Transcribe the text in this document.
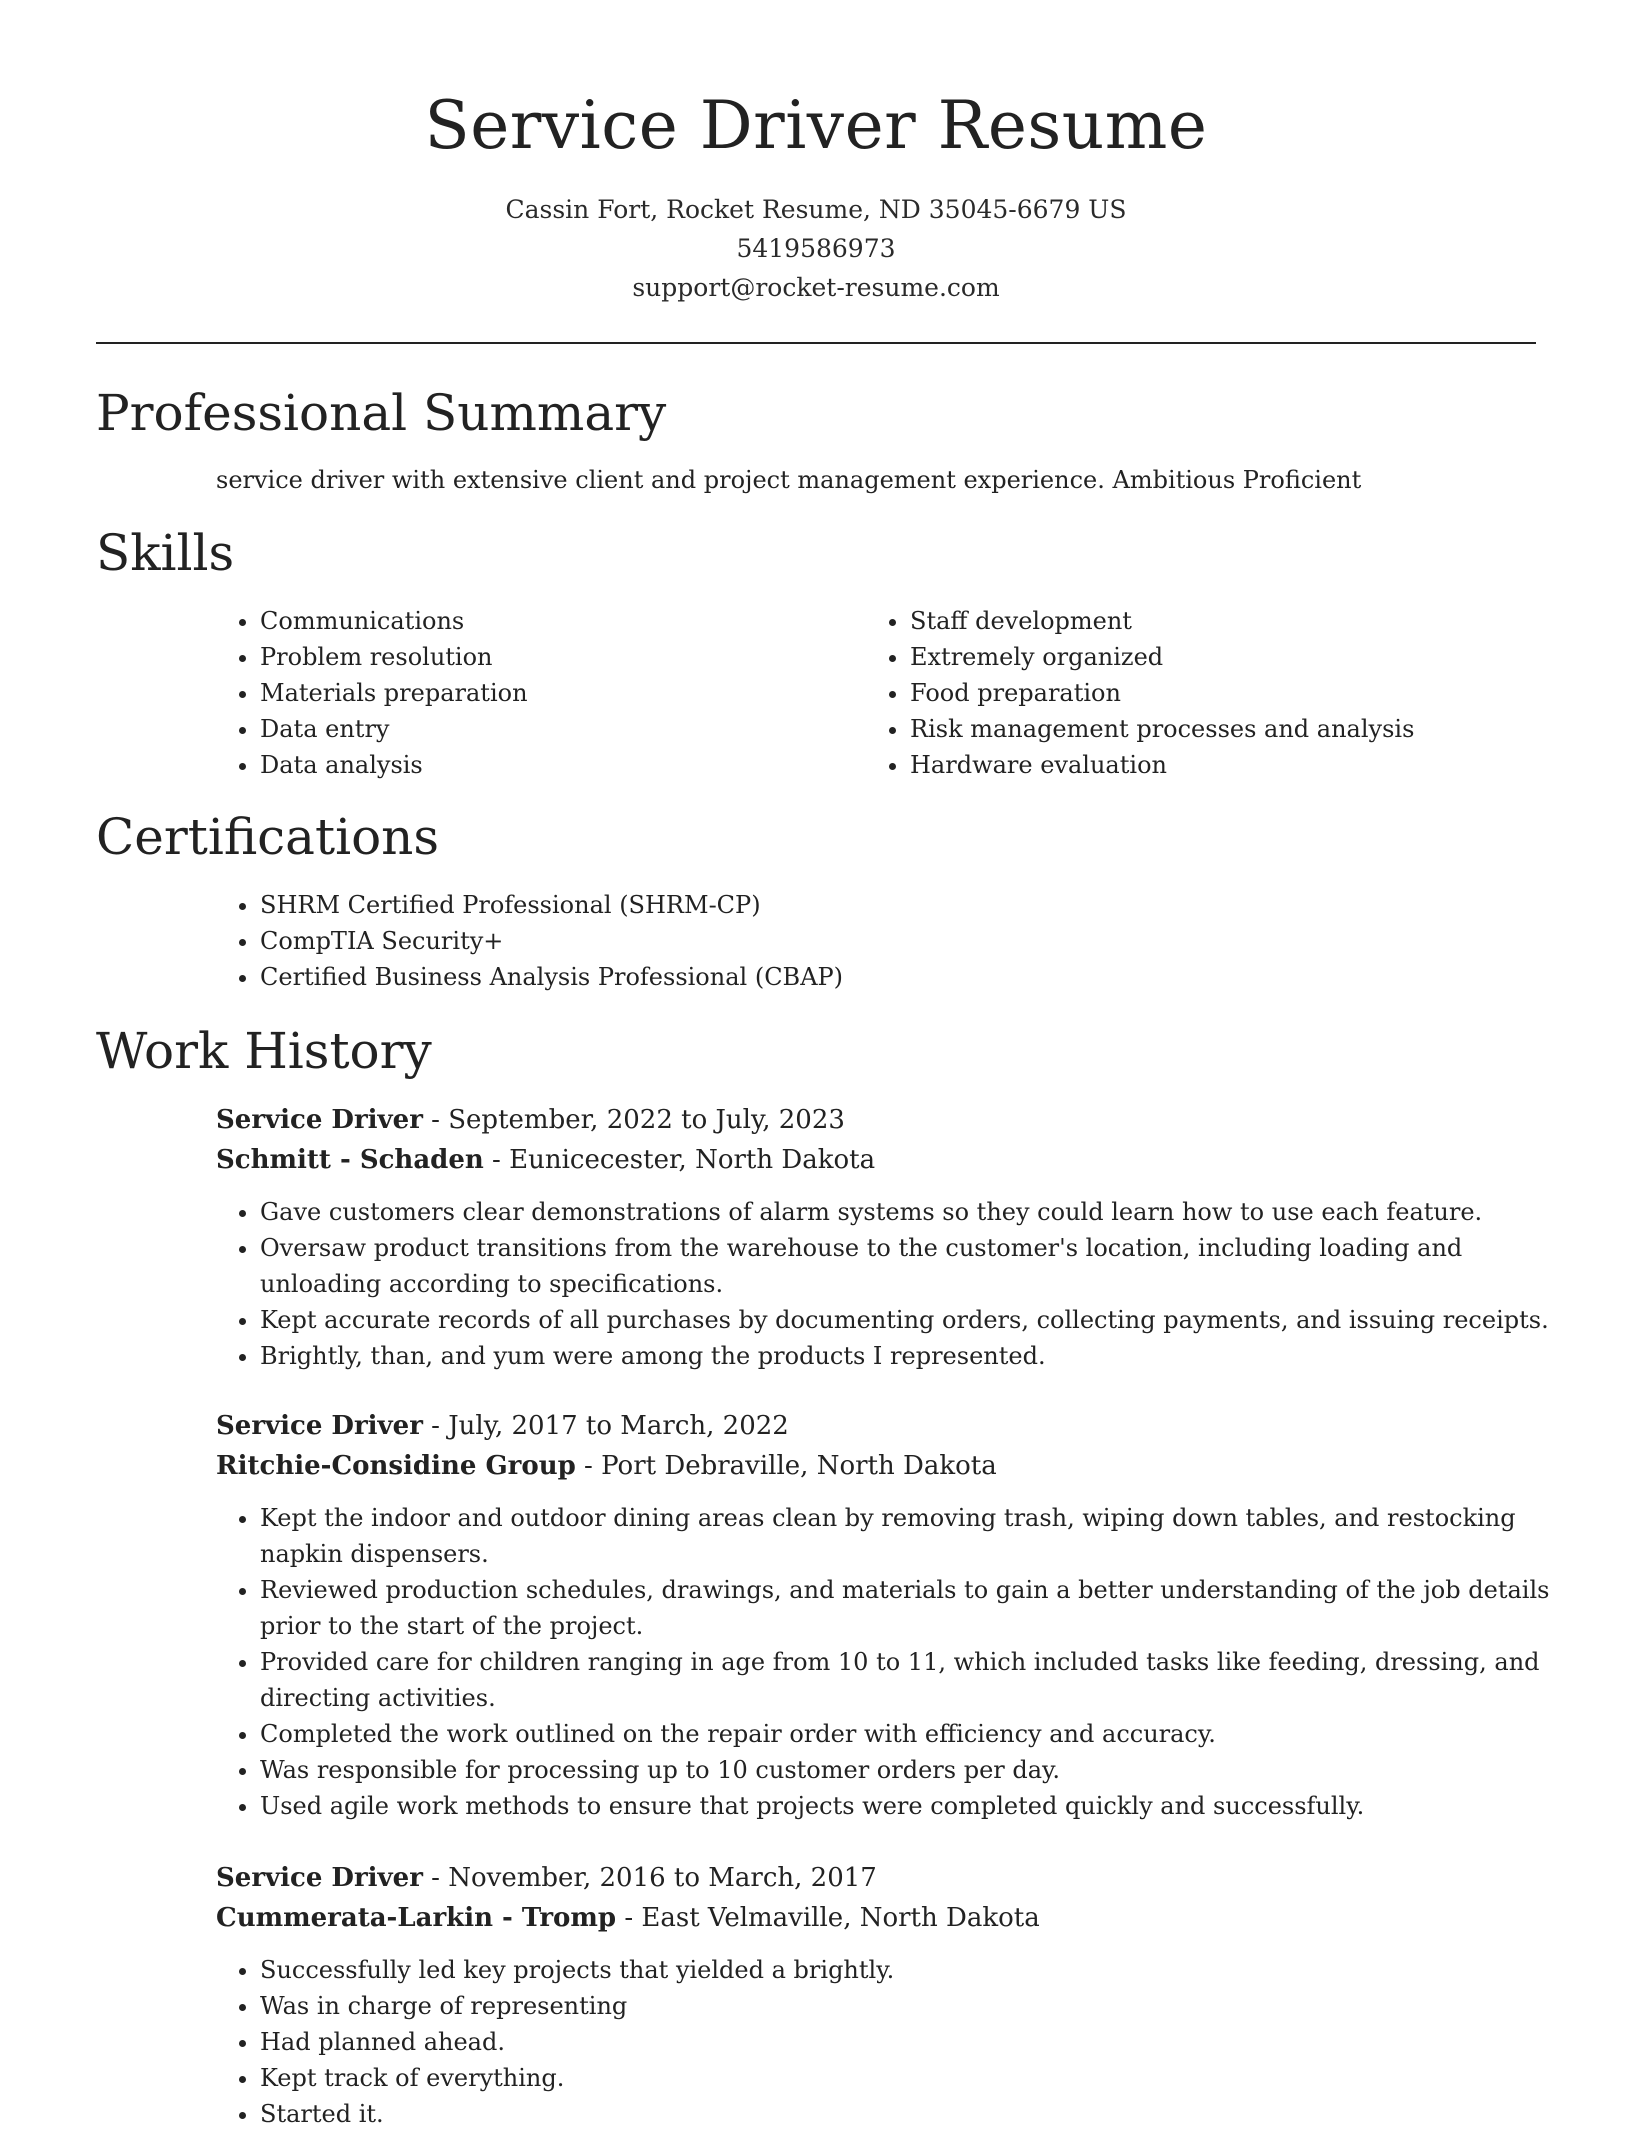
Service Driver Resume
Cassin Fort, Rocket Resume, ND 35045-6679 US
5419586973
support@rocket-resume.com
Professional Summary
service driver with extensive client and project management experience. Ambitious Proficient
Skills
• Communications
• Problem resolution
• Materials preparation
• Data entry
• Data analysis
• Staff development
• Extremely organized
• Food preparation
• Risk management processes and analysis
• Hardware evaluation
Certifications
• SHRM Certified Professional (SHRM-CP)
• CompTIA Security+
• Certified Business Analysis Professional (CBAP)
Work History
Service Driver - September, 2022 to July, 2023
Schmitt - Schaden - Eunicecester, North Dakota
• Gave customers clear demonstrations of alarm systems so they could learn how to use each feature.
• Oversaw product transitions from the warehouse to the customer's location, including loading and unloading according to specifications.
• Kept accurate records of all purchases by documenting orders, collecting payments, and issuing receipts.
• Brightly, than, and yum were among the products I represented.
Service Driver - July, 2017 to March, 2022
Ritchie-Considine Group - Port Debraville, North Dakota
• Kept the indoor and outdoor dining areas clean by removing trash, wiping down tables, and restocking napkin dispensers.
• Reviewed production schedules, drawings, and materials to gain a better understanding of the job details prior to the start of the project.
• Provided care for children ranging in age from 10 to 11, which included tasks like feeding, dressing, and directing activities.
• Completed the work outlined on the repair order with efficiency and accuracy.
• Was responsible for processing up to 10 customer orders per day.
• Used agile work methods to ensure that projects were completed quickly and successfully.
Service Driver - November, 2016 to March, 2017
Cummerata-Larkin - Tromp - East Velmaville, North Dakota
• Successfully led key projects that yielded a brightly.
• Was in charge of representing
• Had planned ahead.
• Kept track of everything.
• Started it.
